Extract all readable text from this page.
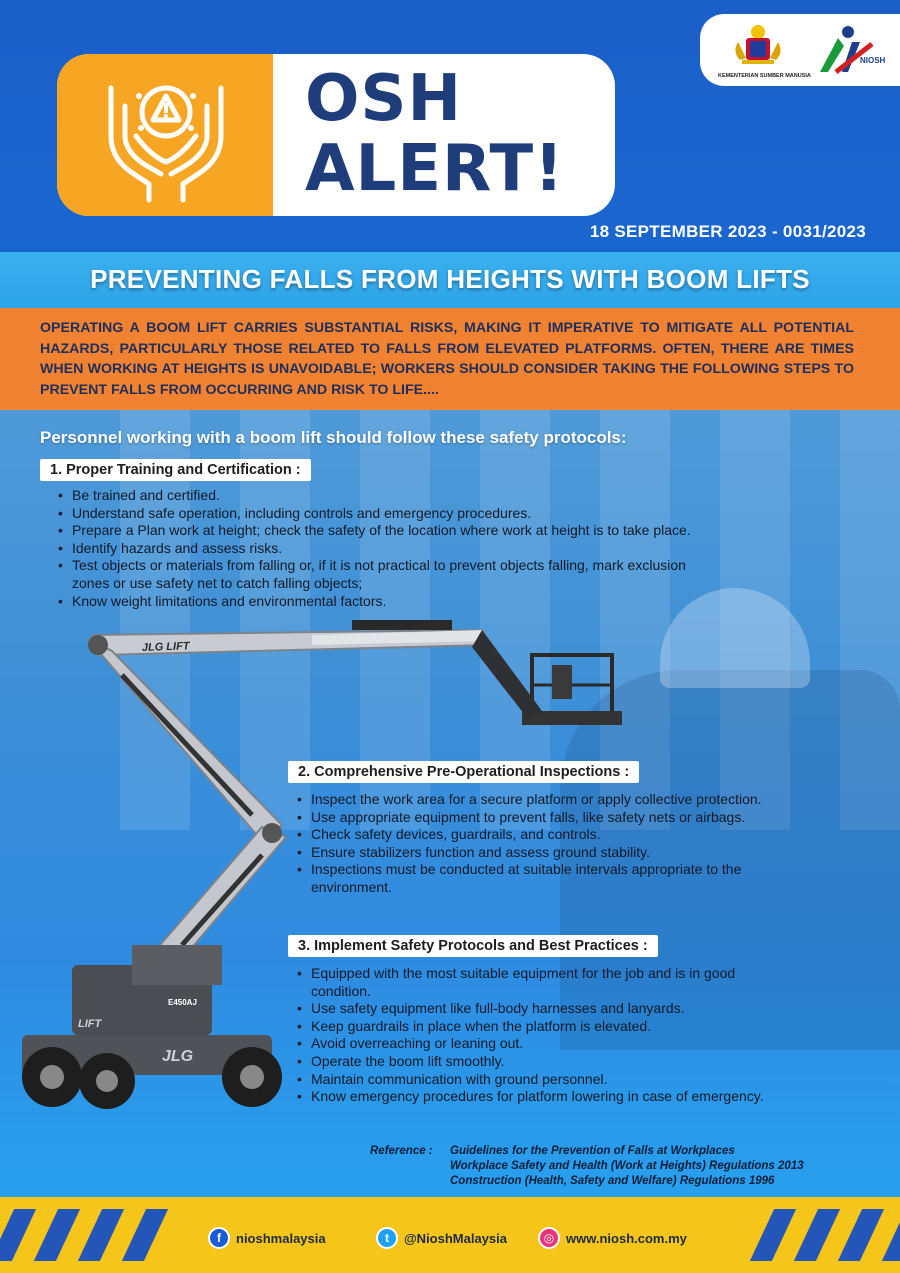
OSH
ALERT!
KEMENTERIAN SUMBER MANUSIA
NIOSH
18 SEPTEMBER 2023 - 0031/2023
PREVENTING FALLS FROM HEIGHTS WITH BOOM LIFTS

OPERATING A BOOM LIFT CARRIES SUBSTANTIAL RISKS, MAKING IT IMPERATIVE TO MITIGATE ALL POTENTIAL HAZARDS, PARTICULARLY THOSE RELATED TO FALLS FROM ELEVATED PLATFORMS. OFTEN, THERE ARE TIMES WHEN WORKING AT HEIGHTS IS UNAVOIDABLE; WORKERS SHOULD CONSIDER TAKING THE FOLLOWING STEPS TO PREVENT FALLS FROM OCCURRING AND RISK TO LIFE....

JLG LIFT
E450AJ
JLG
LIFT
Personnel working with a boom lift should follow these safety protocols:
1. Proper Training and Certification :
• Be trained and certified.
• Understand safe operation, including controls and emergency procedures.
• Prepare a Plan work at height; check the safety of the location where work at height is to take place.
• Identify hazards and assess risks.
• Test objects or materials from falling or, if it is not practical to prevent objects falling, mark exclusion zones or use safety net to catch falling objects;
• Know weight limitations and environmental factors.
2. Comprehensive Pre-Operational Inspections :
• Inspect the work area for a secure platform or apply collective protection.
• Use appropriate equipment to prevent falls, like safety nets or airbags.
• Check safety devices, guardrails, and controls.
• Ensure stabilizers function and assess ground stability.
• Inspections must be conducted at suitable intervals appropriate to the environment.
3. Implement Safety Protocols and Best Practices :
• Equipped with the most suitable equipment for the job and is in good condition.
• Use safety equipment like full-body harnesses and lanyards.
• Keep guardrails in place when the platform is elevated.
• Avoid overreaching or leaning out.
• Operate the boom lift smoothly.
• Maintain communication with ground personnel.
• Know emergency procedures for platform lowering in case of emergency.
Reference : Guidelines for the Prevention of Falls at Workplaces
Workplace Safety and Health (Work at Heights) Regulations 2013
Construction (Health, Safety and Welfare) Regulations 1996
f	nioshmalaysia	t	@NioshMalaysia	◎ www.niosh.com.my
